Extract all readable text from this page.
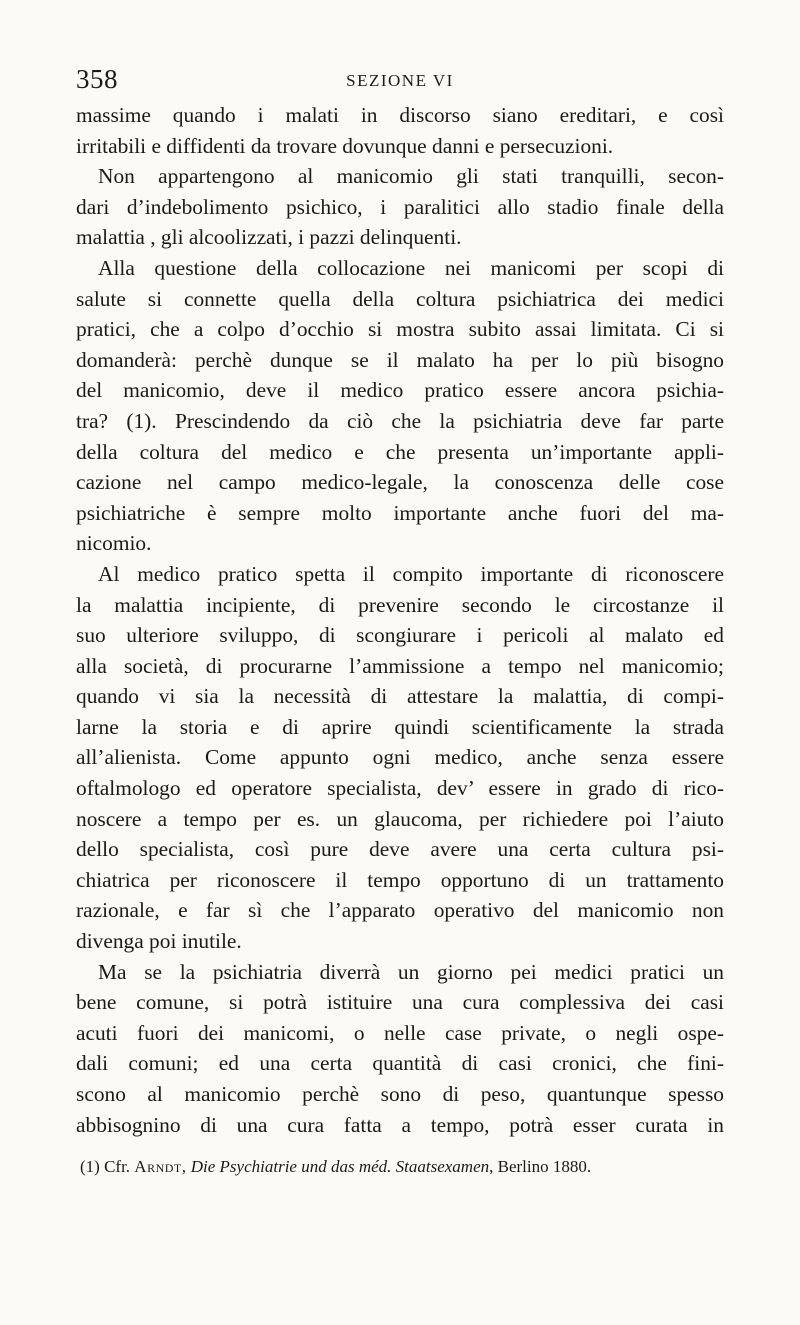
358	SEZIONE VI
massime quando i malati in discorso siano ereditari, e così
irritabili e diffidenti da trovare dovunque danni e persecuzioni.
Non appartengono al manicomio gli stati tranquilli, secon-
dari d’indebolimento psichico, i paralitici allo stadio finale della
malattia , gli alcoolizzati, i pazzi delinquenti.
Alla questione della collocazione nei manicomi per scopi di
salute si connette quella della coltura psichiatrica dei medici
pratici, che a colpo d’occhio si mostra subito assai limitata. Ci si
domanderà: perchè dunque se il malato ha per lo più bisogno
del manicomio, deve il medico pratico essere ancora psichia-
tra? (1). Prescindendo da ciò che la psichiatria deve far parte
della coltura del medico e che presenta un’importante appli-
cazione nel campo medico-legale, la conoscenza delle cose
psichiatriche è sempre molto importante anche fuori del ma-
nicomio.
Al medico pratico spetta il compito importante di riconoscere
la malattia incipiente, di prevenire secondo le circostanze il
suo ulteriore sviluppo, di scongiurare i pericoli al malato ed
alla società, di procurarne l’ammissione a tempo nel manicomio;
quando vi sia la necessità di attestare la malattia, di compi-
larne la storia e di aprire quindi scientificamente la strada
all’alienista. Come appunto ogni medico, anche senza essere
oftalmologo ed operatore specialista, dev’ essere in grado di rico-
noscere a tempo per es. un glaucoma, per richiedere poi l’aiuto
dello specialista, così pure deve avere una certa cultura psi-
chiatrica per riconoscere il tempo opportuno di un trattamento
razionale, e far sì che l’apparato operativo del manicomio non
divenga poi inutile.
Ma se la psichiatria diverrà un giorno pei medici pratici un
bene comune, si potrà istituire una cura complessiva dei casi
acuti fuori dei manicomi, o nelle case private, o negli ospe-
dali comuni; ed una certa quantità di casi cronici, che fini-
scono al manicomio perchè sono di peso, quantunque spesso
abbisognino di una cura fatta a tempo, potrà esser curata in
(1) Cfr. Arndt, Die Psychiatrie und das méd. Staatsexamen, Berlino 1880.
